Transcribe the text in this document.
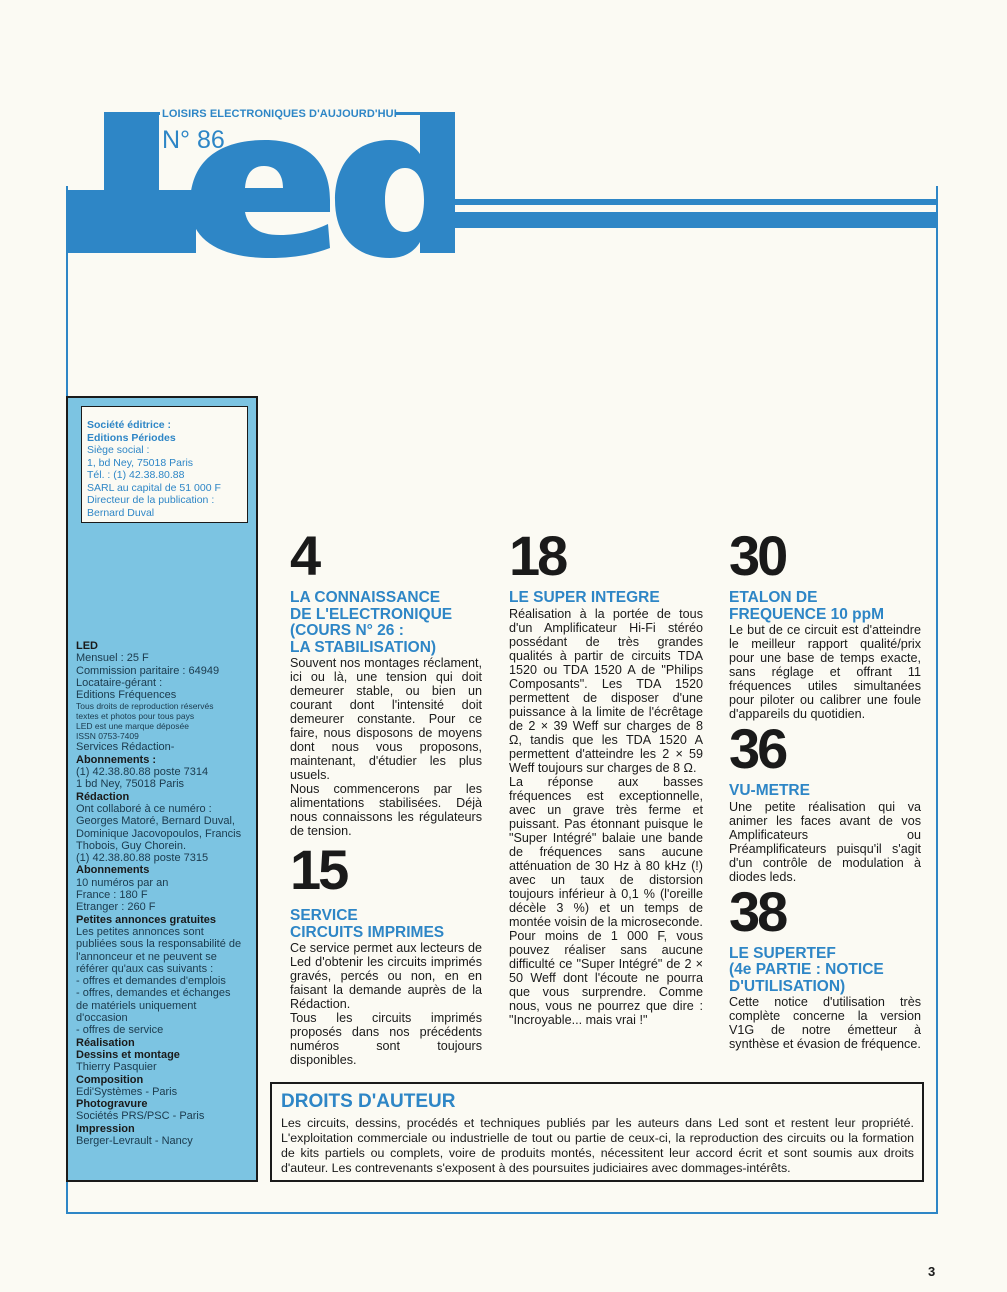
LOISIRS ELECTRONIQUES D'AUJOURD'HUI
N° 86
Société éditrice :
Editions Périodes
Siège social :
1, bd Ney, 75018 Paris
Tél. : (1) 42.38.80.88
SARL au capital de 51 000 F
Directeur de la publication :
Bernard Duval
LED
Mensuel : 25 F
Commission paritaire : 64949
Locataire-gérant :
Editions Fréquences
Tous droits de reproduction réservés
textes et photos pour tous pays
LED est une marque déposée
ISSN 0753-7409
Services Rédaction-
Abonnements :
(1) 42.38.80.88 poste 7314
1 bd Ney, 75018 Paris
Rédaction
Ont collaboré à ce numéro :
Georges Matoré, Bernard Duval,
Dominique Jacovopoulos, Francis
Thobois, Guy Chorein.
(1) 42.38.80.88 poste 7315
Abonnements
10 numéros par an
France : 180 F
Etranger : 260 F
Petites annonces gratuites
Les petites annonces sont
publiées sous la responsabilité de
l'annonceur et ne peuvent se
référer qu'aux cas suivants :
- offres et demandes d'emplois
- offres, demandes et échanges
de matériels uniquement
d'occasion
- offres de service
Réalisation
Dessins et montage
Thierry Pasquier
Composition
Edi'Systèmes - Paris
Photogravure
Sociétés PRS/PSC - Paris
Impression
Berger-Levrault - Nancy
4
LA CONNAISSANCE
DE L'ELECTRONIQUE
(COURS N° 26 :
LA STABILISATION)
Souvent nos montages réclament, ici ou là, une tension qui doit demeurer stable, ou bien un courant dont l'intensité doit demeurer constante. Pour ce faire, nous disposons de moyens dont nous vous proposons, maintenant, d'étudier les plus usuels.
Nous commencerons par les alimentations stabilisées. Déjà nous connaissons les régulateurs de tension.
15
SERVICE
CIRCUITS IMPRIMES
Ce service permet aux lecteurs de Led d'obtenir les circuits imprimés gravés, percés ou non, en en faisant la demande auprès de la Rédaction.
Tous les circuits imprimés proposés dans nos précédents numéros sont toujours disponibles.
18
LE SUPER INTEGRE
Réalisation à la portée de tous d'un Amplificateur Hi-Fi stéréo possédant de très grandes qualités à partir de circuits TDA 1520 ou TDA 1520 A de "Philips Composants". Les TDA 1520 permettent de disposer d'une puissance à la limite de l'écrêtage de 2 × 39 Weff sur charges de 8 Ω, tandis que les TDA 1520 A permettent d'atteindre les 2 × 59 Weff toujours sur charges de 8 Ω.
La réponse aux basses fréquences est exceptionnelle, avec un grave très ferme et puissant. Pas étonnant puisque le "Super Intégré" balaie une bande de fréquences sans aucune atténuation de 30 Hz à 80 kHz (!) avec un taux de distorsion toujours inférieur à 0,1 % (l'oreille décèle 3 %) et un temps de montée voisin de la microseconde.
Pour moins de 1 000 F, vous pouvez réaliser sans aucune difficulté ce "Super Intégré" de 2 × 50 Weff dont l'écoute ne pourra que vous surprendre. Comme nous, vous ne pourrez que dire : "Incroyable... mais vrai !"
30
ETALON DE
FREQUENCE 10 ppM
Le but de ce circuit est d'atteindre le meilleur rapport qualité/prix pour une base de temps exacte, sans réglage et offrant 11 fréquences utiles simultanées pour piloter ou calibrer une foule d'appareils du quotidien.
36
VU-METRE
Une petite réalisation qui va animer les faces avant de vos Amplificateurs ou Préamplificateurs puisqu'il s'agit d'un contrôle de modulation à diodes leds.
38
LE SUPERTEF
(4e PARTIE : NOTICE
D'UTILISATION)
Cette notice d'utilisation très complète concerne la version V1G de notre émetteur à synthèse et évasion de fréquence.
DROITS D'AUTEUR
Les circuits, dessins, procédés et techniques publiés par les auteurs dans Led sont et restent leur propriété. L'exploitation commerciale ou industrielle de tout ou partie de ceux-ci, la reproduction des circuits ou la formation de kits partiels ou complets, voire de produits montés, nécessitent leur accord écrit et sont soumis aux droits d'auteur. Les contrevenants s'exposent à des poursuites judiciaires avec dommages-intérêts.
3
